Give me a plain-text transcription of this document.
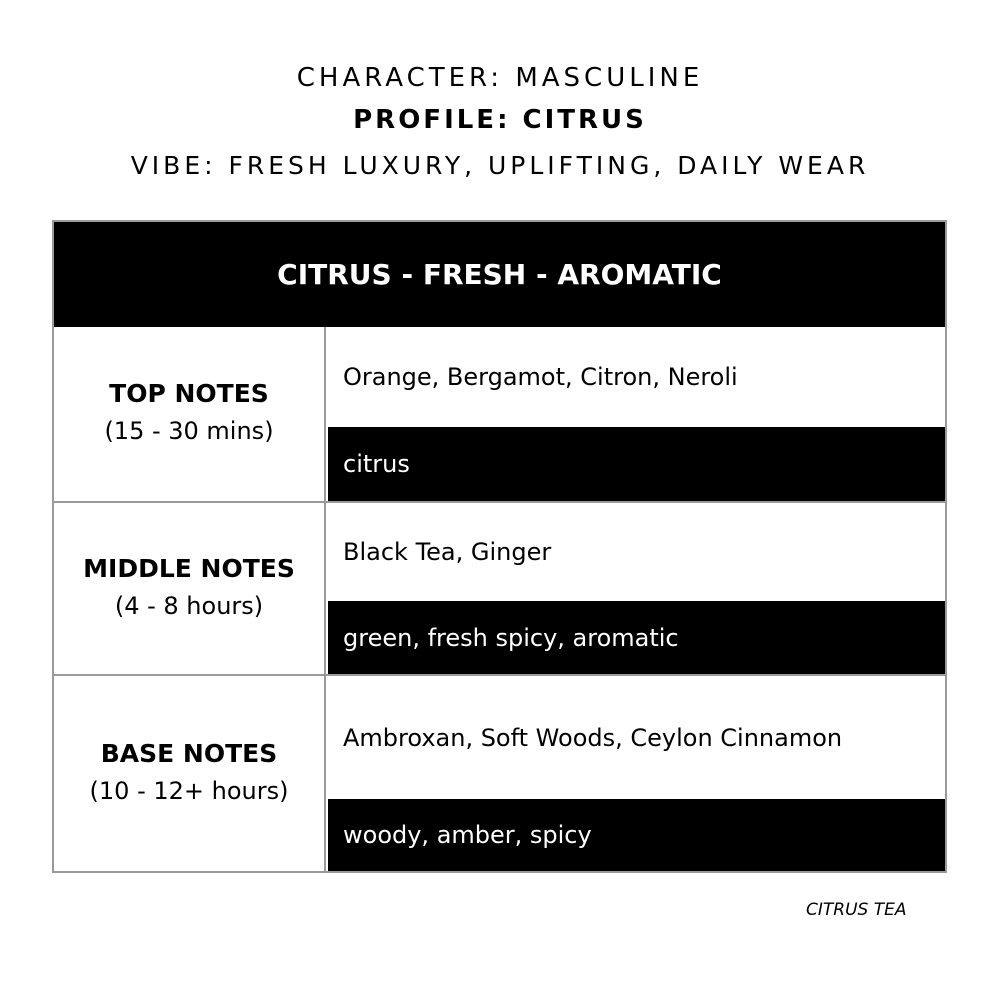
CHARACTER: MASCULINE
PROFILE: CITRUS
VIBE: FRESH LUXURY, UPLIFTING, DAILY WEAR
CITRUS - FRESH - AROMATIC
TOP NOTES
(15 - 30 mins)
Orange, Bergamot, Citron, Neroli
citrus
MIDDLE NOTES
(4 - 8 hours)
Black Tea, Ginger
green, fresh spicy, aromatic
BASE NOTES
(10 - 12+ hours)
Ambroxan, Soft Woods, Ceylon Cinnamon
woody, amber, spicy
CITRUS TEA
